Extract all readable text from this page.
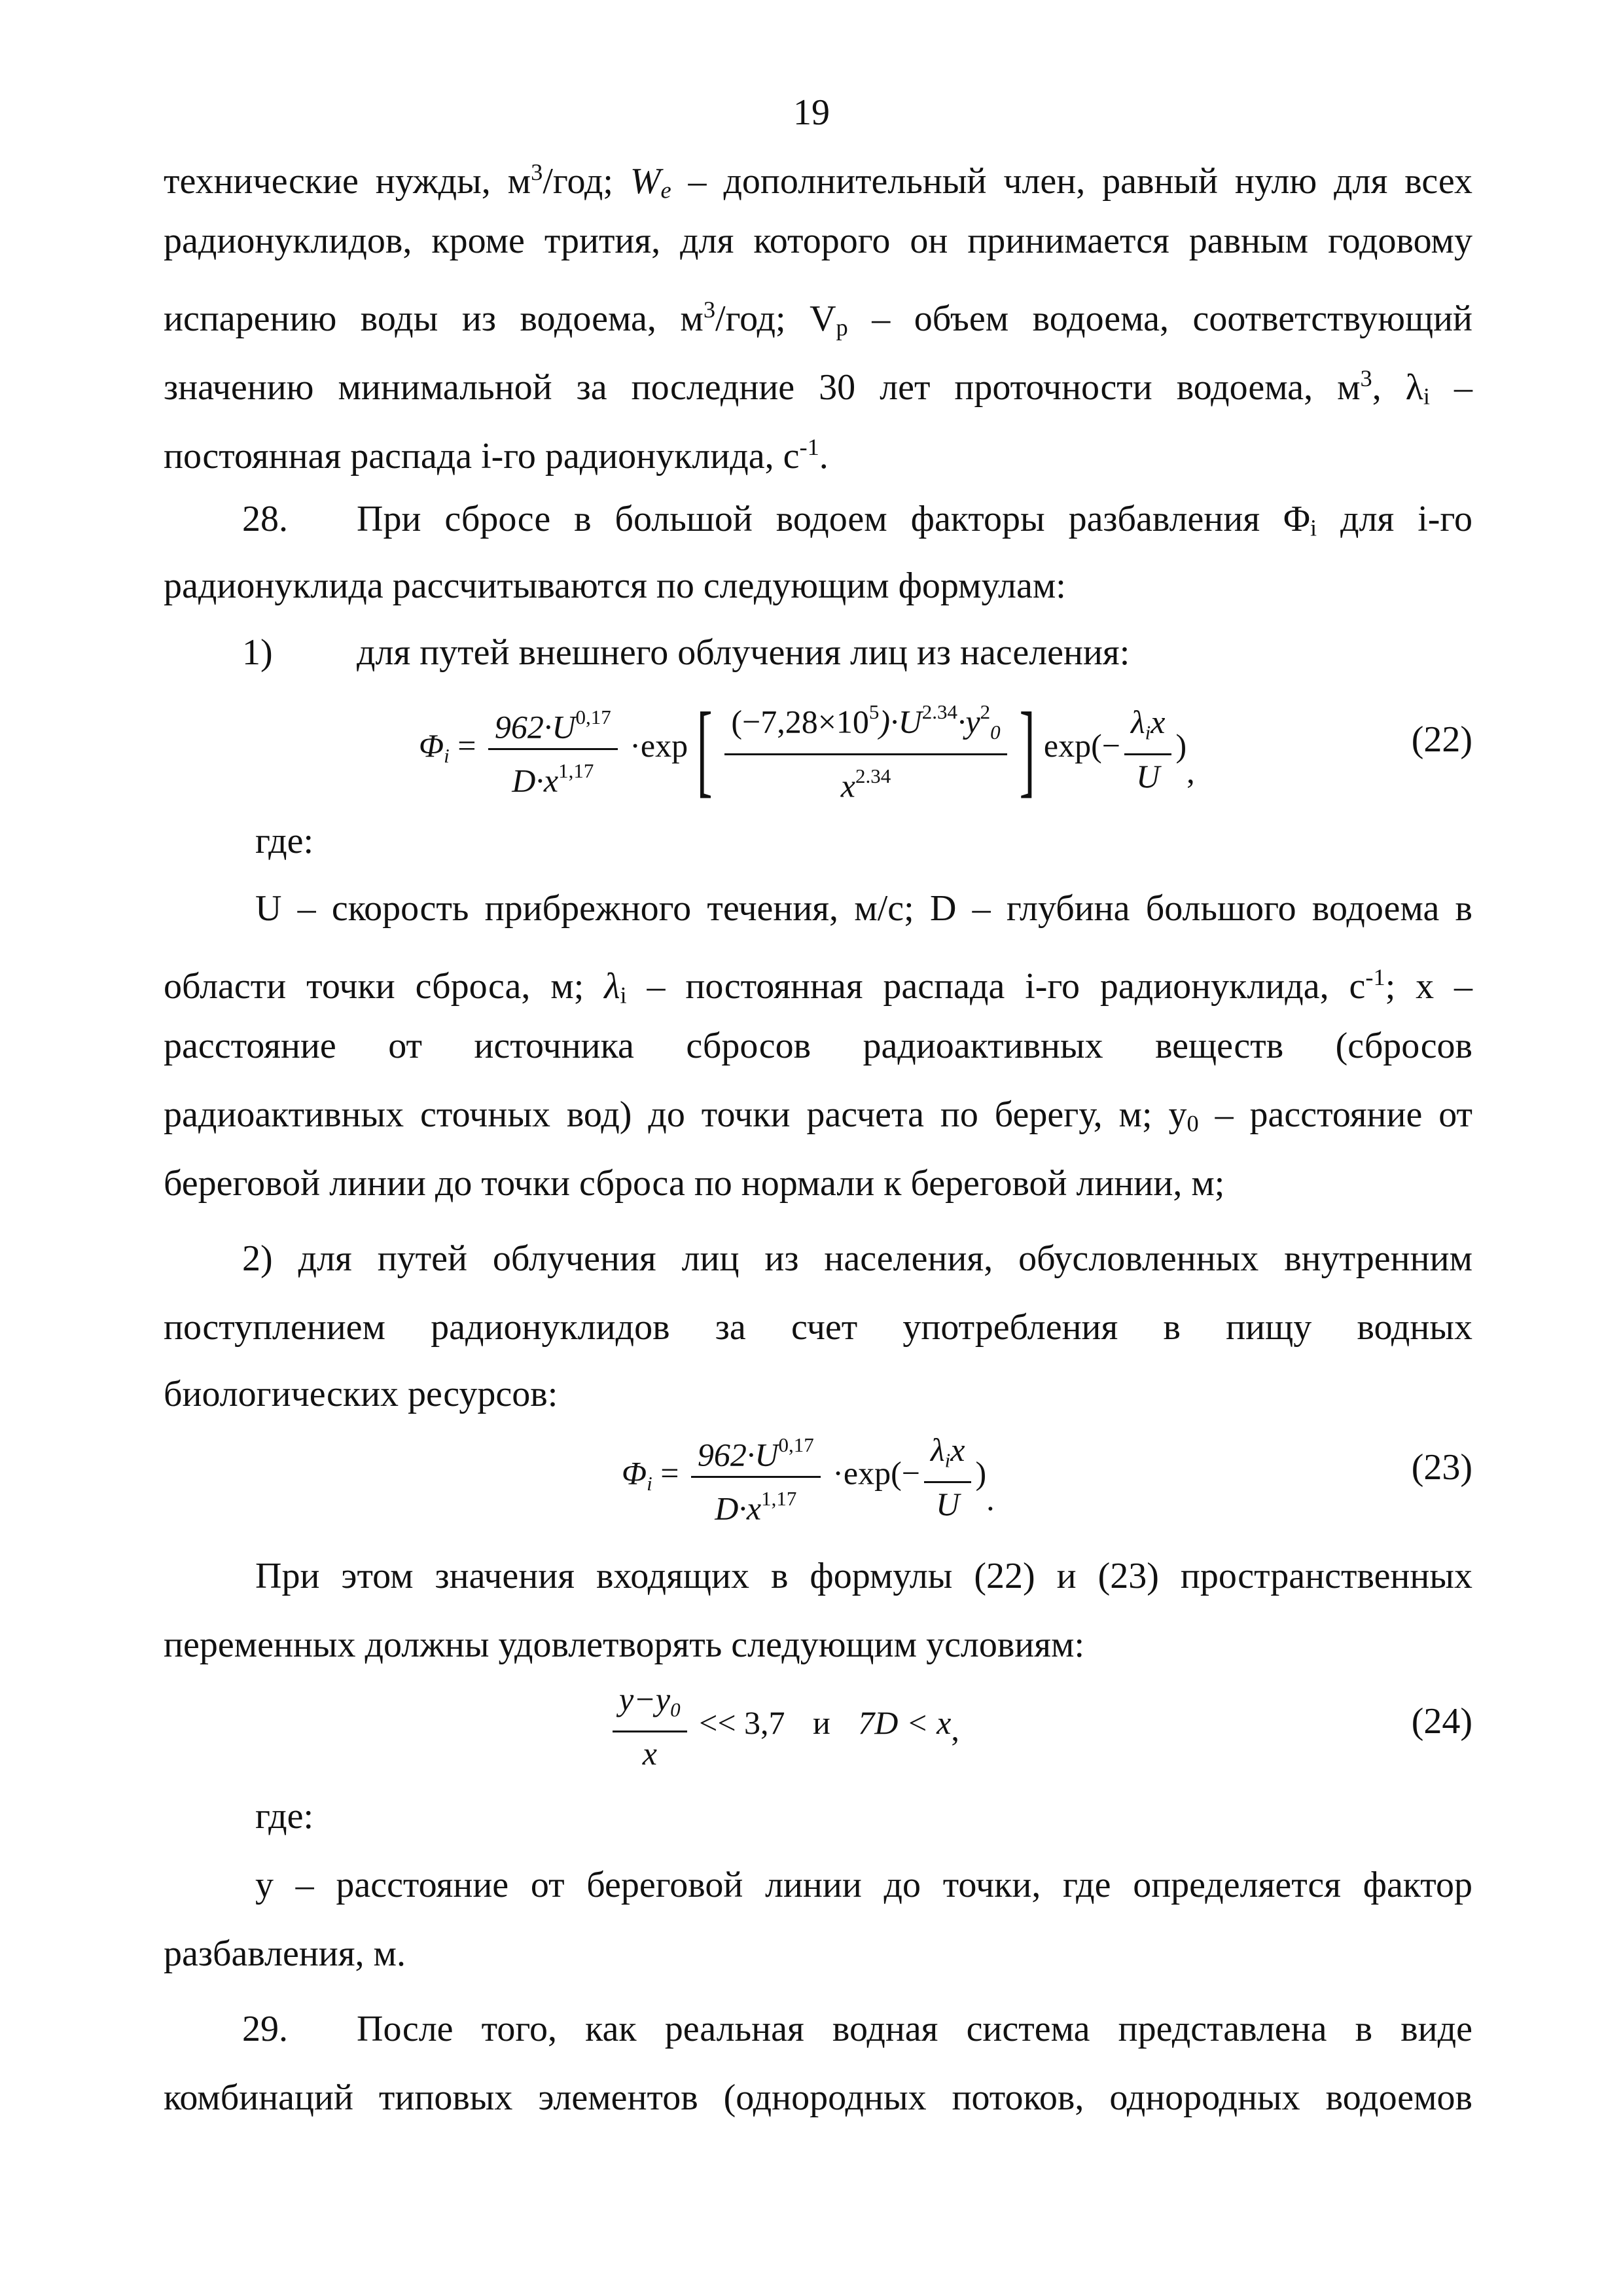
19
технические нужды, $м^3$/год; $W_e$ – дополнительный член, равный нулю для всех
радионуклидов, кроме трития, для которого он принимается равным годовому
испарению воды из водоема, $м^3$/год; $V_p$ – объем водоема, соответствующий
значению минимальной за последние 30 лет проточности водоема, $м^3$, $\lambda_i$ –
постоянная распада i-го радионуклида, $с^{-1}$.
28. При сбросе в большой водоем факторы разбавления $\Phi_i$ для i-го
радионуклида рассчитываются по следующим формулам:
1) для путей внешнего облучения лиц из населения:
$\Phi i = \frac{962\cdot U^{0,17}}{D\cdot x^{1,17}} \cdot\exp$ [ $\frac{(-7,28\times 10^5)\cdot U^{2.34}\cdot y^20}{x^{2.34}}$ ] $\exp(- \frac{\text{λix}}{U}$ ),
(22)
где:
U – скорость прибрежного течения, м/с; D – глубина большого водоема в
области точки сброса, м; $\lambda_i$ – постоянная распада i-го радионуклида, $с^{-1}$; x –
расстояние от источника сбросов радиоактивных веществ (сбросов
радиоактивных сточных вод) до точки расчета по берегу, м; $y_0$ – расстояние от
береговой линии до точки сброса по нормали к береговой линии, м;
2) для путей облучения лиц из населения, обусловленных внутренним
поступлением радионуклидов за счет употребления в пищу водных
биологических ресурсов:
$\Phi i = \frac{962\cdot U^{0,17}}{D\cdot x^{1,17}} \cdot\exp(- \frac{\text{λix}}{U}$ ).
(23)
При этом значения входящих в формулы (22) и (23) пространственных
переменных должны удовлетворять следующим условиям:
$\frac{y-y0}{x} << 3,7$ и 7D < x,	(24)
где:
y – расстояние от береговой линии до точки, где определяется фактор
разбавления, м.
29. После того, как реальная водная система представлена в виде
комбинаций типовых элементов (однородных потоков, однородных водоемов
